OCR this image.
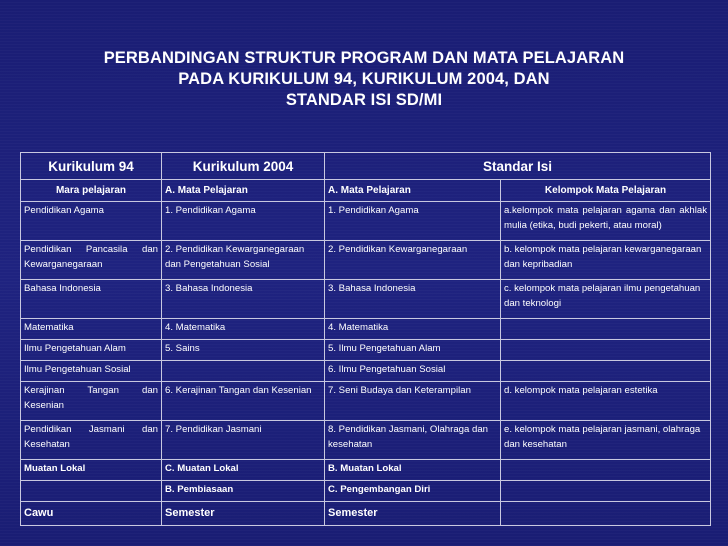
PERBANDINGAN STRUKTUR PROGRAM DAN MATA PELAJARAN
PADA KURIKULUM 94, KURIKULUM 2004, DAN
STANDAR ISI SD/MI
Kurikulum 94	Kurikulum 2004	Standar Isi	
Mara pelajaran	A. Mata Pelajaran	A. Mata Pelajaran	Kelompok Mata Pelajaran
Pendidikan Agama	1. Pendidikan Agama	1. Pendidikan Agama	a.kelompok mata pelajaran agama dan akhlak mulia (etika, budi pekerti, atau moral)
Pendidikan Pancasila dan Kewarganegaraan	2. Pendidikan Kewarganegaraan dan Pengetahuan Sosial	2. Pendidikan Kewarganegaraan	b. kelompok mata pelajaran kewarganegaraan dan kepribadian
Bahasa Indonesia	3. Bahasa Indonesia	3. Bahasa Indonesia	c. kelompok mata pelajaran ilmu pengetahuan dan teknologi
Matematika	4. Matematika	4. Matematika	
Ilmu Pengetahuan Alam	5. Sains	5. Ilmu Pengetahuan Alam	
Ilmu Pengetahuan Sosial		6. Ilmu Pengetahuan Sosial	
Kerajinan Tangan dan Kesenian	6. Kerajinan Tangan dan Kesenian	7. Seni Budaya dan Keterampilan	d. kelompok mata pelajaran estetika
Pendidikan Jasmani dan Kesehatan	7. Pendidikan Jasmani	8. Pendidikan Jasmani, Olahraga dan kesehatan	e. kelompok mata pelajaran jasmani, olahraga dan kesehatan
Muatan Lokal	C. Muatan Lokal	B. Muatan Lokal	
	B. Pembiasaan	C. Pengembangan Diri	
Cawu	Semester	Semester	
